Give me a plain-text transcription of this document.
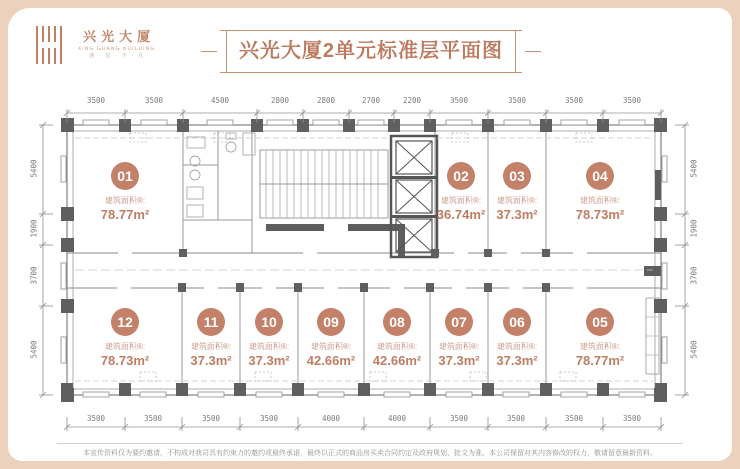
兴光大厦
XING GUANG BUILDING
遇 · 见 · 不 · 凡	兴光大厦2单元标准层平面图
3500	3500	4500	2800	2800	2700	2200	3500	3500	3500	3500
3500	3500	3500	3500	4000	4000	3500	3500	3500	3500
5400
1900
3700
5400
5400
1900
3700
5400
01
建筑面积®:
78.77m²
02
建筑面积®:
36.74m²
03
建筑面积®:
37.3m²
04
建筑面积®:
78.73m²
12
建筑面积®:
78.73m²
11
建筑面积®:
37.3m²
10
建筑面积®:
37.3m²
09
建筑面积®:
42.66m²
08
建筑面积®:
42.66m²
07
建筑面积®:
37.3m²
06
建筑面积®:
37.3m²
05
建筑面积®:
78.77m²
本宣传资料仅为要约邀请，不构成对我司具有约束力的邀约或最终承诺，最终以正式的商品房买卖合同约定及政府规划、批文为准。本公司保留对其内容修改的权力，敬请留意最新资料。
